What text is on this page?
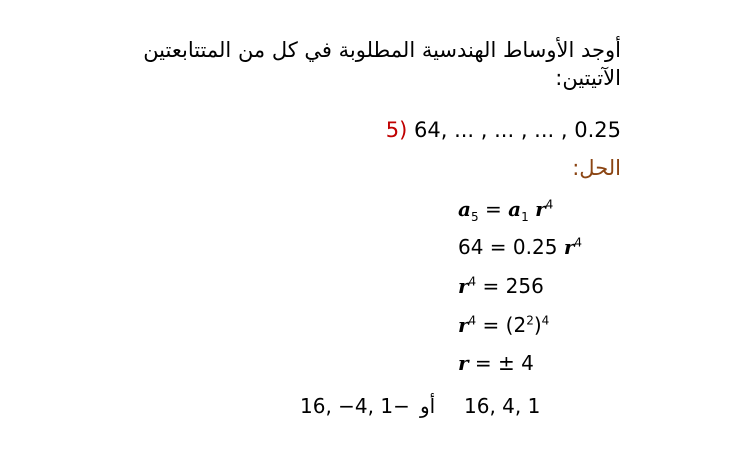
أوجد الأوساط الهندسية المطلوبة في كل من المتتابعتين الآتيتين:
5) 64, ... , ... , ... , 0.25
الحل:
$a_5 = a_1$ $r^4$
64 = 0.25 $r^4$
$r^4 = 256$
$r^4 = (2^2)^4$
r = ± 4
16, −4, 1− أو 16, 4, 1
